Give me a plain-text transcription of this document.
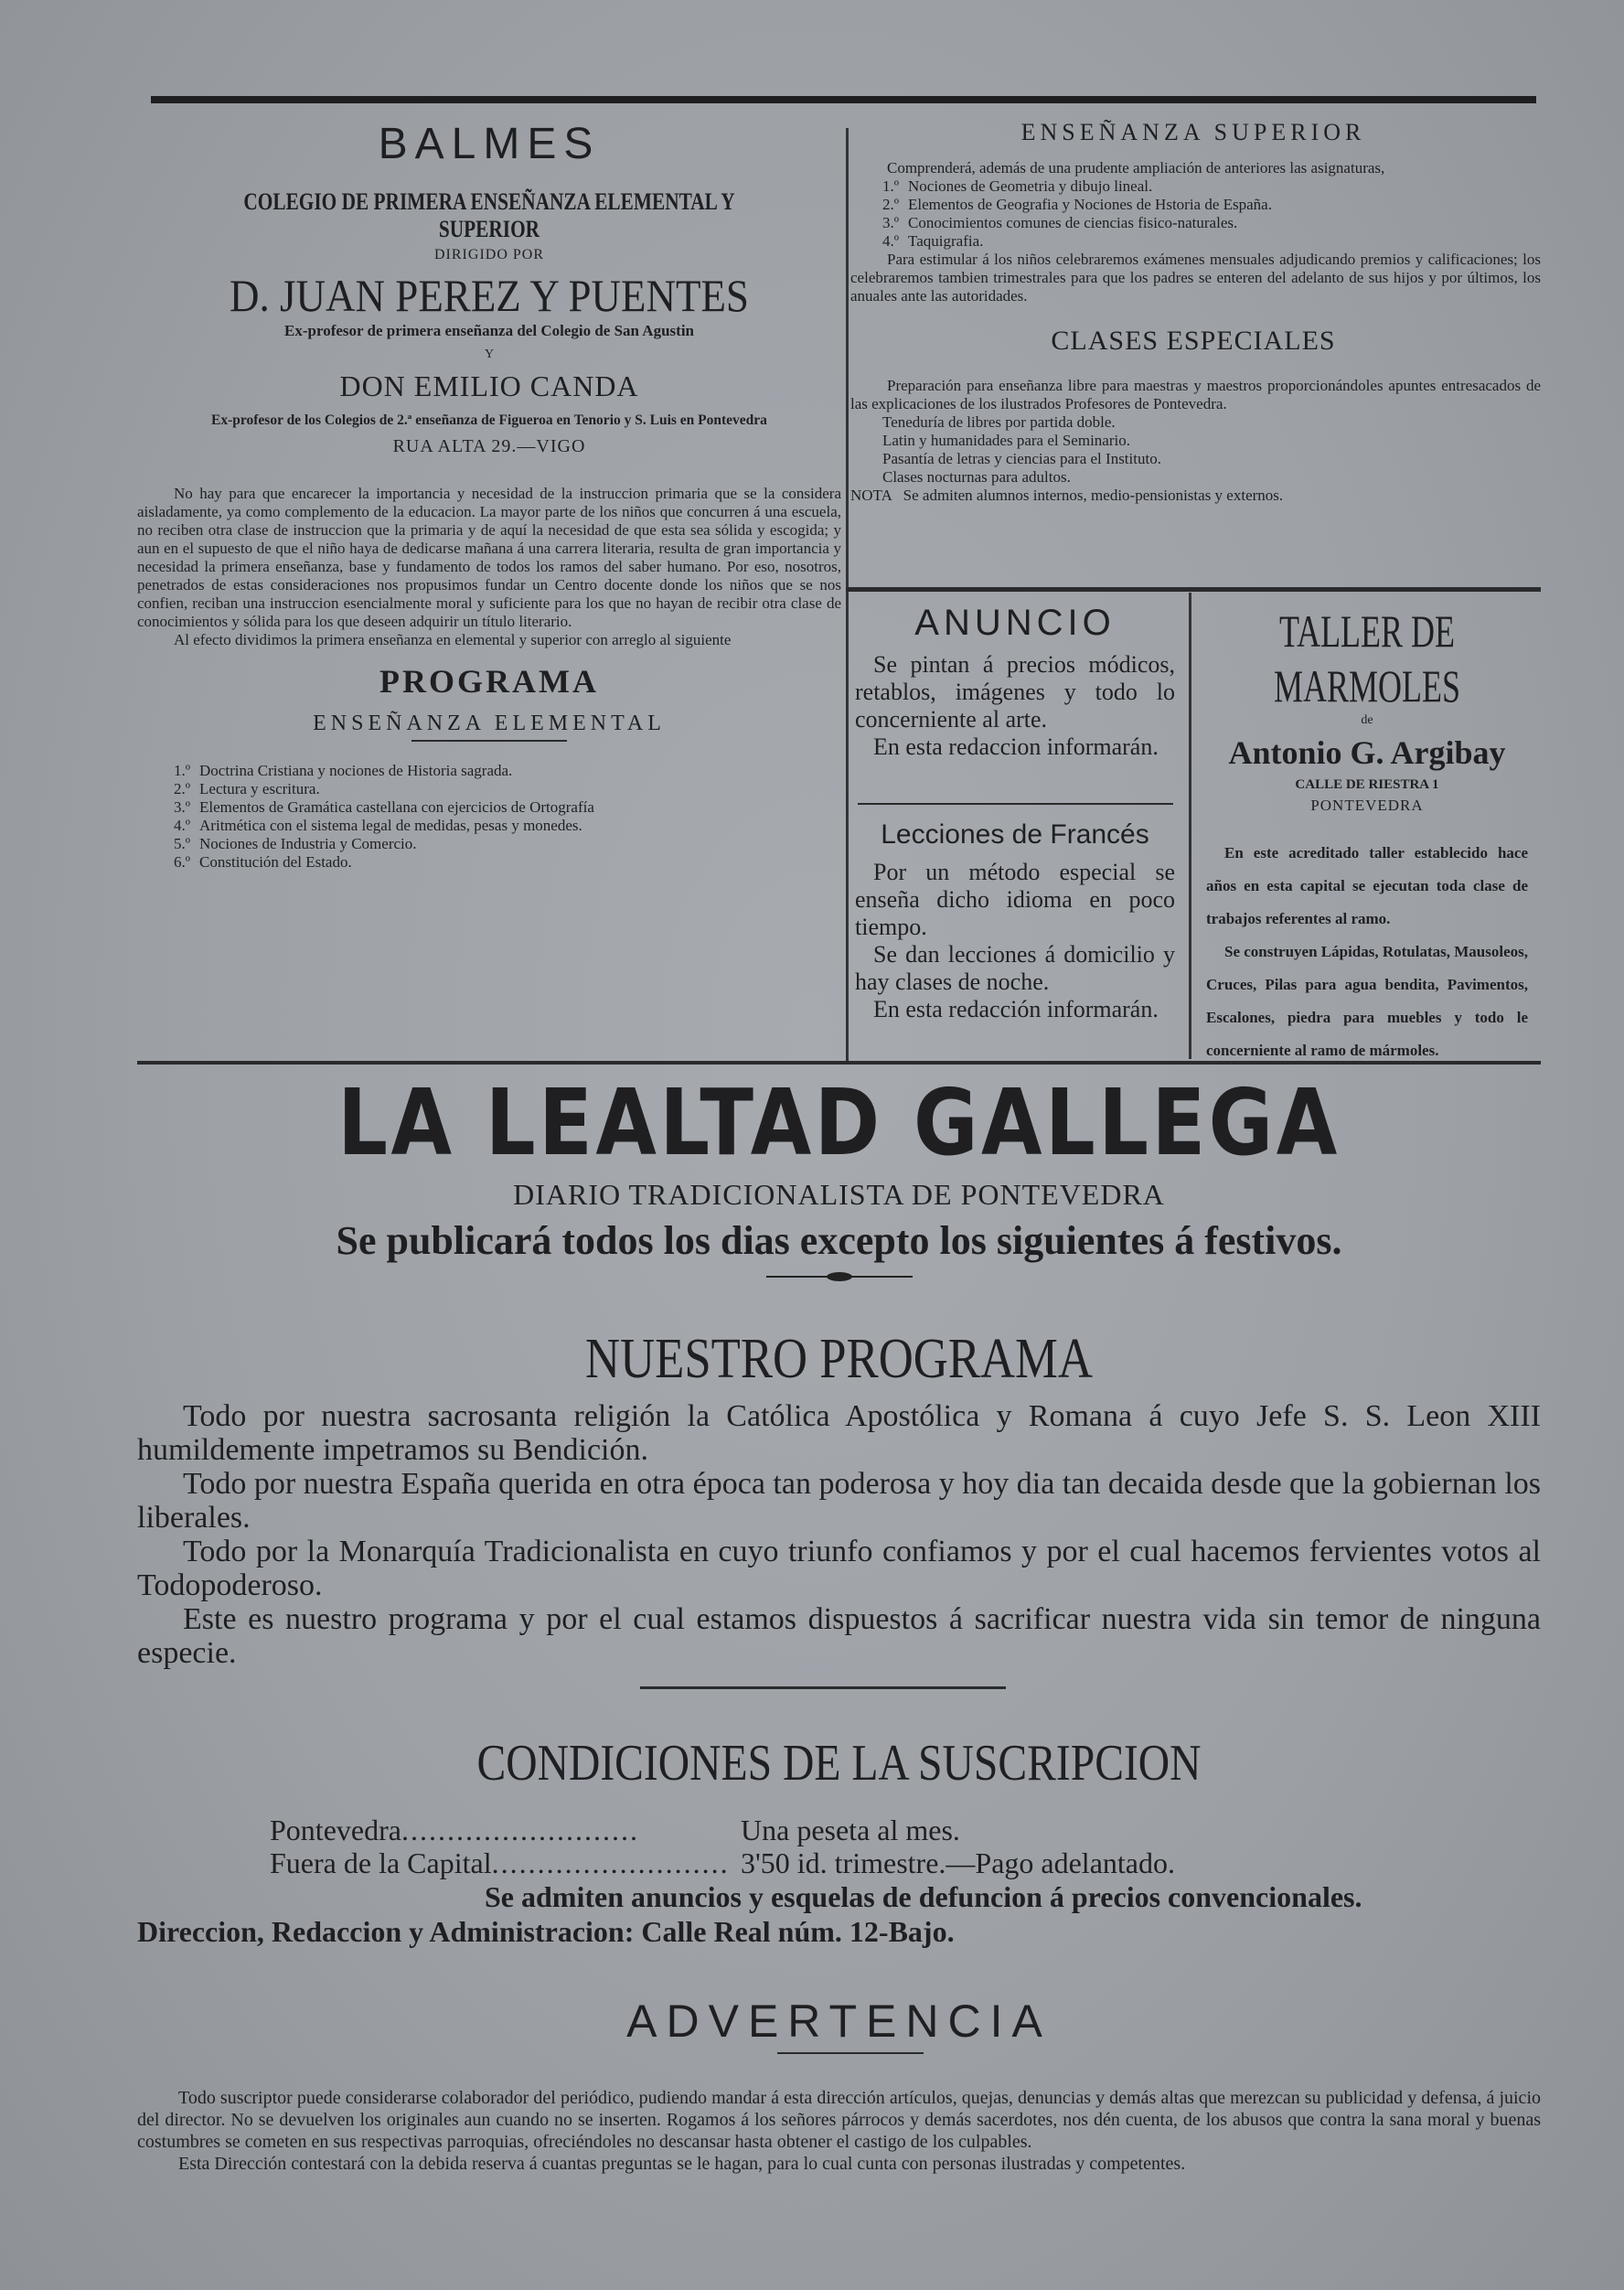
BALMES
COLEGIO DE PRIMERA ENSEÑANZA ELEMENTAL Y SUPERIOR
DIRIGIDO POR
D. JUAN PEREZ Y PUENTES
Ex-profesor de primera enseñanza del Colegio de San Agustin
Y
DON EMILIO CANDA
Ex-profesor de los Colegios de 2.ª enseñanza de Figueroa en Tenorio y S. Luis en Pontevedra
RUA ALTA 29.—VIGO
No hay para que encarecer la importancia y necesidad de la instruccion primaria que se la considera aisladamente, ya como complemento de la educacion. La mayor parte de los niños que concurren á una escuela, no reciben otra clase de instruccion que la primaria y de aquí la necesidad de que esta sea sólida y escogida; y aun en el supuesto de que el niño haya de dedicarse mañana á una carrera literaria, resulta de gran importancia y necesidad la primera enseñanza, base y fundamento de todos los ramos del saber humano. Por eso, nosotros, penetrados de estas consideraciones nos propusimos fundar un Centro docente donde los niños que se nos confien, reciban una instruccion esencialmente moral y suficiente para los que no hayan de recibir otra clase de conocimientos y sólida para los que deseen adquirir un título literario.
Al efecto dividimos la primera enseñanza en elemental y superior con arreglo al siguiente
PROGRAMA
ENSEÑANZA ELEMENTAL
1.º Doctrina Cristiana y nociones de Historia sagrada.
2.º Lectura y escritura.
3.º Elementos de Gramática castellana con ejercicios de Ortografía
4.º Aritmética con el sistema legal de medidas, pesas y monedes.
5.º Nociones de Industria y Comercio.
6.º Constitución del Estado.
ENSEÑANZA SUPERIOR
Comprenderá, además de una prudente ampliación de anteriores las asignaturas,
1.º Nociones de Geometria y dibujo lineal.
2.º Elementos de Geografia y Nociones de Hstoria de España.
3.º Conocimientos comunes de ciencias fisico-naturales.
4.º Taquigrafia.
Para estimular á los niños celebraremos exámenes mensuales adjudicando premios y calificaciones; los celebraremos tambien trimestrales para que los padres se enteren del adelanto de sus hijos y por últimos, los anuales ante las autoridades.
CLASES ESPECIALES
Preparación para enseñanza libre para maestras y maestros proporcionándoles apuntes entresacados de las explicaciones de los ilustrados Profesores de Pontevedra.
Teneduría de libres por partida doble.
Latin y humanidades para el Seminario.
Pasantía de letras y ciencias para el Instituto.
Clases nocturnas para adultos.
NOTA   Se admiten alumnos internos, medio-pensionistas y externos.
ANUNCIO
Se pintan á precios módicos, retablos, imágenes y todo lo concerniente al arte.
En esta redaccion informarán.
Lecciones de Francés
Por un método especial se enseña dicho idioma en poco tiempo.
Se dan lecciones á domicilio y hay clases de noche.
En esta redacción informarán.
TALLER DE MARMOLES
de
Antonio G. Argibay
CALLE DE RIESTRA 1
PONTEVEDRA
En este acreditado taller establecido hace años en esta capital se ejecutan toda clase de trabajos referentes al ramo.
Se construyen Lápidas, Rotulatas, Mausoleos, Cruces, Pilas para agua bendita, Pavimentos, Escalones, piedra para muebles y todo le concerniente al ramo de mármoles.
LA LEALTAD GALLEGA
DIARIO TRADICIONALISTA DE PONTEVEDRA
Se publicará todos los dias excepto los siguientes á festivos.
NUESTRO PROGRAMA

Todo por nuestra sacrosanta religión la Católica Apostólica y Romana á cuyo Jefe S. S. Leon XIII humildemente impetramos su Bendición.

Todo por nuestra España querida en otra época tan poderosa y hoy dia tan decaida desde que la gobiernan los liberales.

Todo por la Monarquía Tradicionalista en cuyo triunfo confiamos y por el cual hacemos fervientes votos al Todopoderoso.

Este es nuestro programa y por el cual estamos dispuestos á sacrificar nuestra vida sin temor de ninguna especie.

CONDICIONES DE LA SUSCRIPCION
Pontevedra..........................	Una peseta al mes.
Fuera de la Capital.......................... 3'50 id. trimestre.—Pago adelantado.
Se admiten anuncios y esquelas de defuncion á precios convencionales.
Direccion, Redaccion y Administracion: Calle Real núm. 12-Bajo.
ADVERTENCIA
Todo suscriptor puede considerarse colaborador del periódico, pudiendo mandar á esta dirección artículos, quejas, denuncias y demás altas que merezcan su publicidad y defensa, á juicio del director. No se devuelven los originales aun cuando no se inserten. Rogamos á los señores párrocos y demás sacerdotes, nos dén cuenta, de los abusos que contra la sana moral y buenas costumbres se cometen en sus respectivas parroquias, ofreciéndoles no descansar hasta obtener el castigo de los culpables.
Esta Dirección contestará con la debida reserva á cuantas preguntas se le hagan, para lo cual cunta con personas ilustradas y competentes.
